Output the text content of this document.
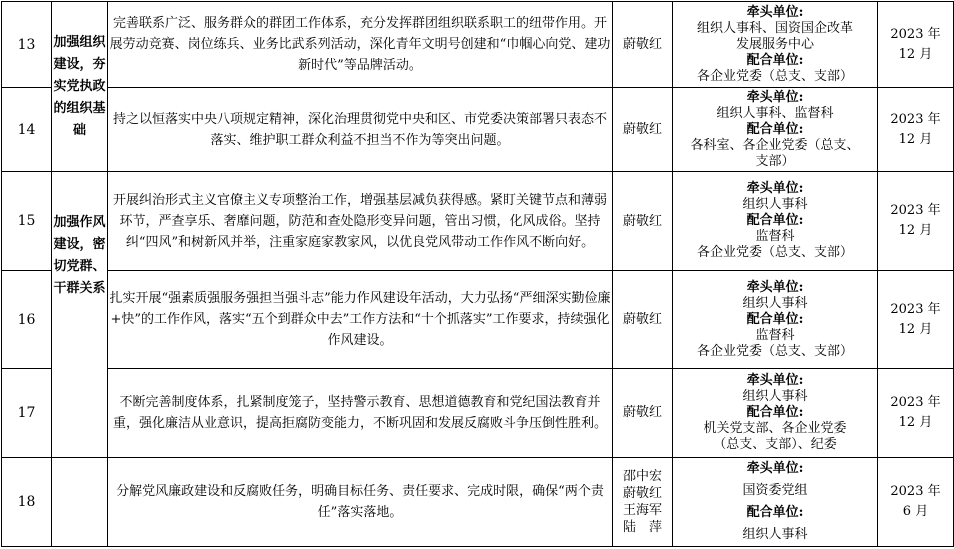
13	加强组织建设，夯实党执政的组织基础	完善联系广泛、服务群众的群团工作体系，充分发挥群团组织联系职工的纽带作用。开展劳动竞赛、岗位练兵、业务比武系列活动，深化青年文明号创建和“巾帼心向党、建功新时代”等品牌活动。	蔚敬红	牵头单位:
组织人事科、国资国企改革
发展服务中心
配合单位:
各企业党委（总支、支部）	2023 年
12 月

14		持之以恒落实中央八项规定精神，深化治理贯彻党中央和区、市党委决策部署只表态不落实、维护职工群众利益不担当不作为等突出问题。	蔚敬红	牵头单位:
组织人事科、监督科
配合单位:
各科室、各企业党委（总支、
支部）	2023 年
12 月

15	加强作风建设，密切党群、干群关系	开展纠治形式主义官僚主义专项整治工作，增强基层减负获得感。紧盯关键节点和薄弱环节，严查享乐、奢靡问题，防范和查处隐形变异问题，管出习惯，化风成俗。坚持纠“四风”和树新风并举，注重家庭家教家风，以优良党风带动工作作风不断向好。	蔚敬红	牵头单位:
组织人事科
配合单位:
监督科
各企业党委（总支、支部）	2023 年
12 月

16		扎实开展“强素质强服务强担当强斗志”能力作风建设年活动，大力弘扬“严细深实勤俭廉+快”的工作作风，落实“五个到群众中去”工作方法和“十个抓落实”工作要求，持续强化作风建设。	蔚敬红	牵头单位:
组织人事科
配合单位:
监督科
各企业党委（总支、支部）	2023 年
12 月

17		不断完善制度体系，扎紧制度笼子，坚持警示教育、思想道德教育和党纪国法教育并重，强化廉洁从业意识，提高拒腐防变能力，不断巩固和发展反腐败斗争压倒性胜利。	蔚敬红	牵头单位:
组织人事科
配合单位:
机关党支部、各企业党委
（总支、支部）、纪委	2023 年
12 月

18		分解党风廉政建设和反腐败任务，明确目标任务、责任要求、完成时限，确保“两个责任”落实落地。	邵中宏
蔚敬红
王海军
陆　萍	牵头单位:
国资委党组
配合单位:
组织人事科	2023 年
6 月
